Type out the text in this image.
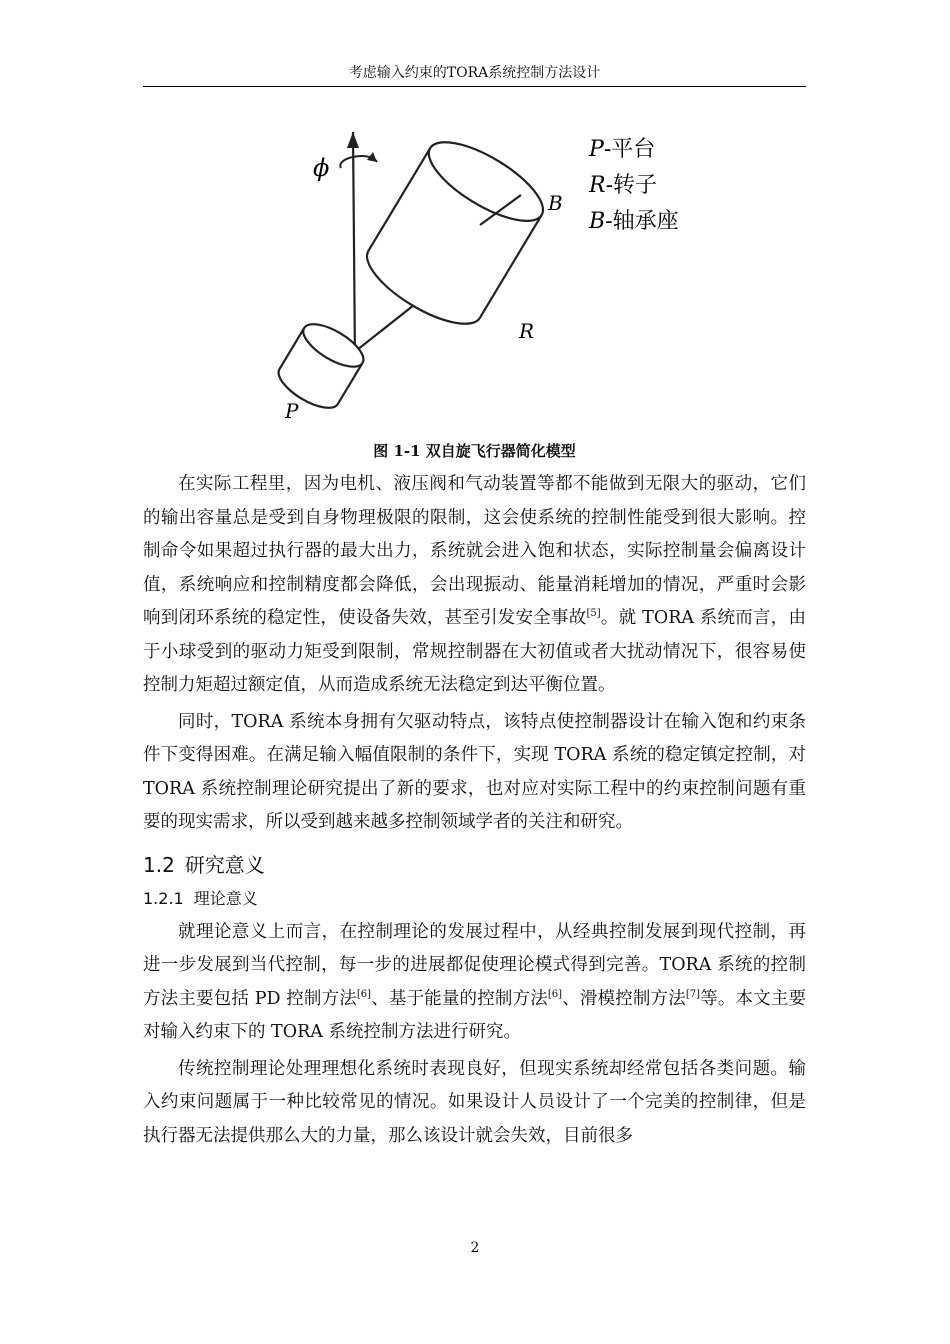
考虑输入约束的TORA系统控制方法设计
ϕ
B
R
P
P-平台
R-转子
B-轴承座
图 1-1 双自旋飞行器简化模型

在实际工程里，因为电机、液压阀和气动装置等都不能做到无限大的驱动，它们的输出容量总是受到自身物理极限的限制，这会使系统的控制性能受到很大影响。控制命令如果超过执行器的最大出力，系统就会进入饱和状态，实际控制量会偏离设计值，系统响应和控制精度都会降低，会出现振动、能量消耗增加的情况，严重时会影响到闭环系统的稳定性，使设备失效，甚至引发安全事故[5]。就 TORA 系统而言，由于小球受到的驱动力矩受到限制，常规控制器在大初值或者大扰动情况下，很容易使控制力矩超过额定值，从而造成系统无法稳定到达平衡位置。

同时，TORA 系统本身拥有欠驱动特点，该特点使控制器设计在输入饱和约束条件下变得困难。在满足输入幅值限制的条件下，实现 TORA 系统的稳定镇定控制，对 TORA 系统控制理论研究提出了新的要求，也对应对实际工程中的约束控制问题有重要的现实需求，所以受到越来越多控制领域学者的关注和研究。

1.2 研究意义
1.2.1 理论意义

就理论意义上而言，在控制理论的发展过程中，从经典控制发展到现代控制，再进一步发展到当代控制，每一步的进展都促使理论模式得到完善。TORA 系统的控制方法主要包括 PD 控制方法[6]、基于能量的控制方法[6]、滑模控制方法[7]等。本文主要对输入约束下的 TORA 系统控制方法进行研究。

传统控制理论处理理想化系统时表现良好，但现实系统却经常包括各类问题。输入约束问题属于一种比较常见的情况。如果设计人员设计了一个完美的控制律，但是执行器无法提供那么大的力量，那么该设计就会失效，目前很多

2
